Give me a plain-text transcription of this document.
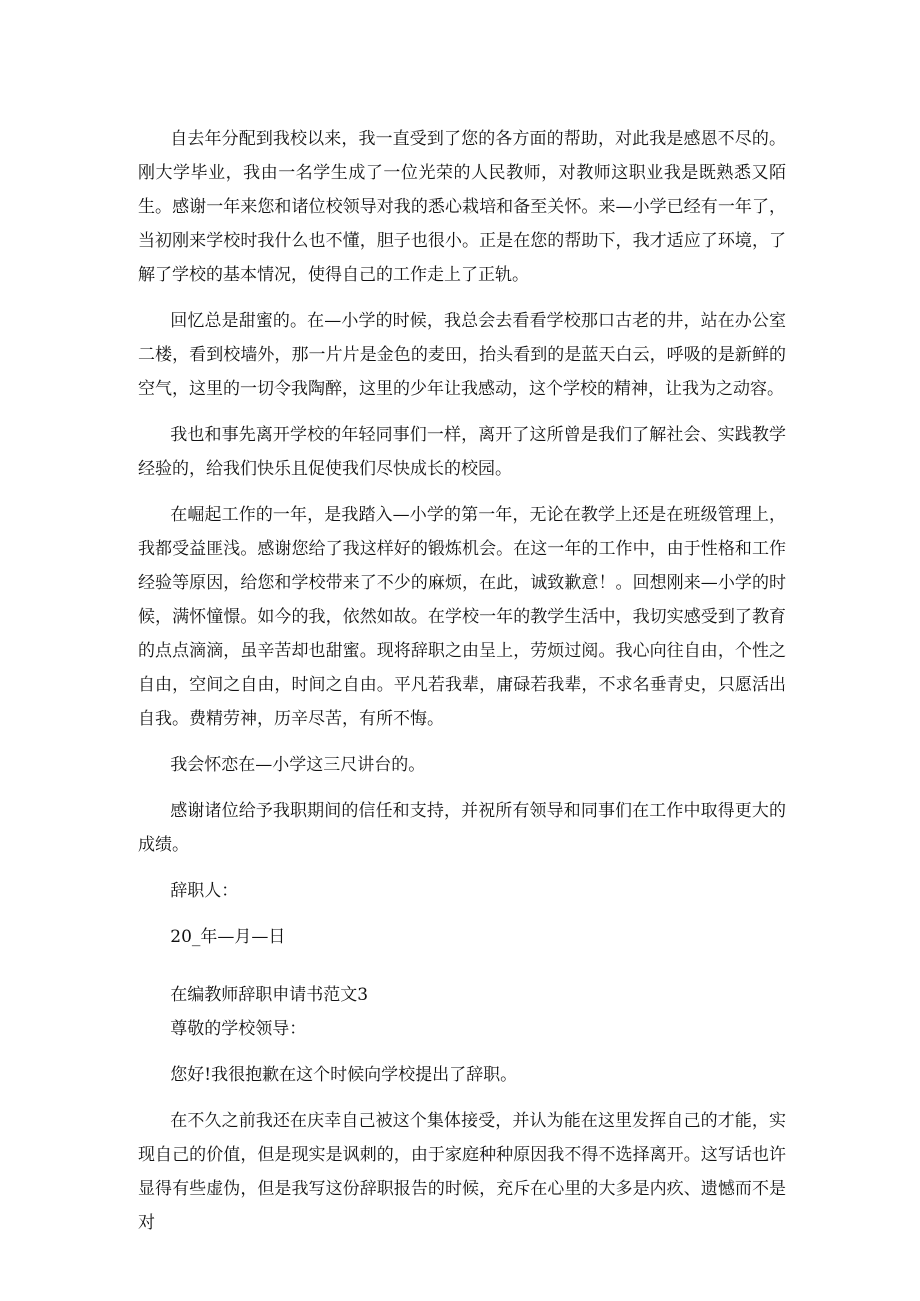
自去年分配到我校以来，我一直受到了您的各方面的帮助，对此我是感恩不尽的。刚大学毕业，我由一名学生成了一位光荣的人民教师，对教师这职业我是既熟悉又陌生。感谢一年来您和诸位校领导对我的悉心栽培和备至关怀。来—小学已经有一年了，当初刚来学校时我什么也不懂，胆子也很小。正是在您的帮助下，我才适应了环境，了解了学校的基本情况，使得自己的工作走上了正轨。

回忆总是甜蜜的。在—小学的时候，我总会去看看学校那口古老的井，站在办公室二楼，看到校墙外，那一片片是金色的麦田，抬头看到的是蓝天白云，呼吸的是新鲜的空气，这里的一切令我陶醉，这里的少年让我感动，这个学校的精神，让我为之动容。

我也和事先离开学校的年轻同事们一样，离开了这所曾是我们了解社会、实践教学经验的，给我们快乐且促使我们尽快成长的校园。

在崛起工作的一年，是我踏入—小学的第一年，无论在教学上还是在班级管理上，我都受益匪浅。感谢您给了我这样好的锻炼机会。在这一年的工作中，由于性格和工作经验等原因，给您和学校带来了不少的麻烦，在此，诚致歉意！。回想刚来—小学的时候，满怀憧憬。如今的我，依然如故。在学校一年的教学生活中，我切实感受到了教育的点点滴滴，虽辛苦却也甜蜜。现将辞职之由呈上，劳烦过阅。我心向往自由，个性之自由，空间之自由，时间之自由。平凡若我辈，庸碌若我辈，不求名垂青史，只愿活出自我。费精劳神，历辛尽苦，有所不悔。

我会怀恋在—小学这三尺讲台的。

感谢诸位给予我职期间的信任和支持，并祝所有领导和同事们在工作中取得更大的成绩。

辞职人：

20_年—月—日

在编教师辞职申请书范文3

尊敬的学校领导：

您好!我很抱歉在这个时候向学校提出了辞职。

在不久之前我还在庆幸自己被这个集体接受，并认为能在这里发挥自己的才能，实现自己的价值，但是现实是讽刺的，由于家庭种种原因我不得不选择离开。这写话也许显得有些虚伪，但是我写这份辞职报告的时候，充斥在心里的大多是内疚、遗憾而不是对
